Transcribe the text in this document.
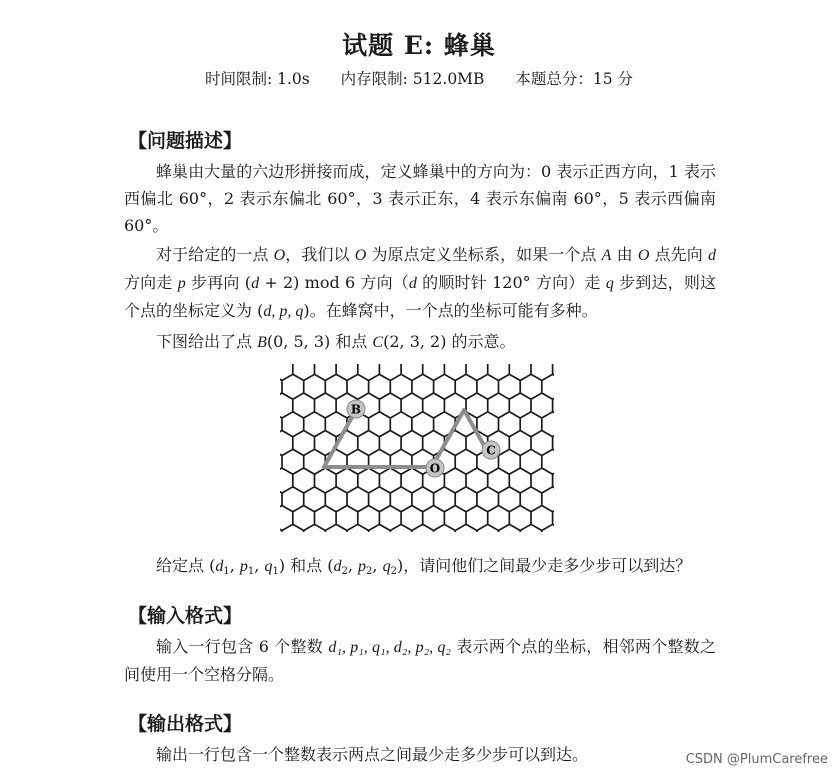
试题 E: 蜂巢
时间限制: 1.0s 内存限制: 512.0MB 本题总分：15 分
【问题描述】

蜂巢由大量的六边形拼接而成，定义蜂巢中的方向为：0 表示正西方向，1 表示西偏北 60°，2 表示东偏北 60°，3 表示正东，4 表示东偏南 60°，5 表示西偏南 60°。

对于给定的一点 O，我们以 O 为原点定义坐标系，如果一个点 A 由 O 点先向 d 方向走 p 步再向 (d + 2) mod 6 方向（d 的顺时针 120° 方向）走 q 步到达，则这个点的坐标定义为 (d, p, q)。在蜂窝中，一个点的坐标可能有多种。

下图给出了点 B(0, 5, 3) 和点 C(2, 3, 2) 的示意。

B
C
O

给定点 ($d_1$, $p_1$, $q_1$) 和点 ($d_2$, $p_2$, $q_2$)，请问他们之间最少走多少步可以到达？

【输入格式】

输入一行包含 6 个整数 d₁, p₁, q₁, d₂, p₂, q₂ 表示两个点的坐标，相邻两个整数之间使用一个空格分隔。

【输出格式】

输出一行包含一个整数表示两点之间最少走多少步可以到达。	CSDN @PlumCarefree
